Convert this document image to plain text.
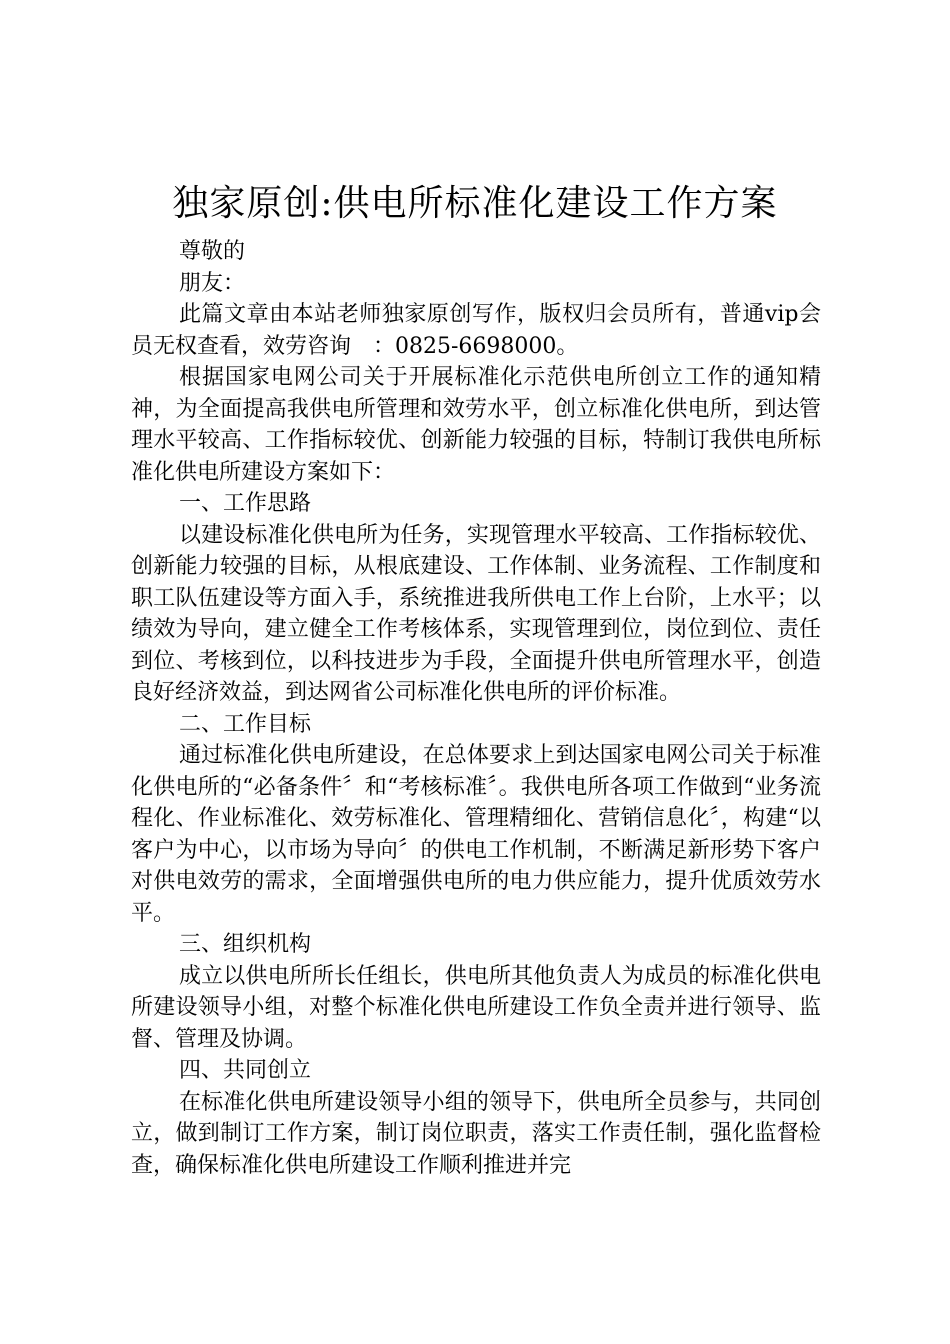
独家原创:供电所标准化建设工作方案

尊敬的

朋友：

此篇文章由本站老师独家原创写作，版权归会员所有，普通vip会员无权查看，效劳咨询　：0825-6698000。

根据国家电网公司关于开展标准化示范供电所创立工作的通知精神，为全面提高我供电所管理和效劳水平，创立标准化供电所，到达管理水平较高、工作指标较优、创新能力较强的目标，特制订我供电所标准化供电所建设方案如下：

一、工作思路

以建设标准化供电所为任务，实现管理水平较高、工作指标较优、创新能力较强的目标，从根底建设、工作体制、业务流程、工作制度和职工队伍建设等方面入手，系统推进我所供电工作上台阶，上水平；以绩效为导向，建立健全工作考核体系，实现管理到位，岗位到位、责任到位、考核到位，以科技进步为手段，全面提升供电所管理水平，创造良好经济效益，到达网省公司标准化供电所的评价标准。

二、工作目标

通过标准化供电所建设，在总体要求上到达国家电网公司关于标准化供电所的“必备条件〞和“考核标准〞。我供电所各项工作做到“业务流程化、作业标准化、效劳标准化、管理精细化、营销信息化〞，构建“以客户为中心，以市场为导向〞的供电工作机制，不断满足新形势下客户对供电效劳的需求，全面增强供电所的电力供应能力，提升优质效劳水平。

三、组织机构

成立以供电所所长任组长，供电所其他负责人为成员的标准化供电所建设领导小组，对整个标准化供电所建设工作负全责并进行领导、监督、管理及协调。

四、共同创立

在标准化供电所建设领导小组的领导下，供电所全员参与，共同创立，做到制订工作方案，制订岗位职责，落实工作责任制，强化监督检查，确保标准化供电所建设工作顺利推进并完
